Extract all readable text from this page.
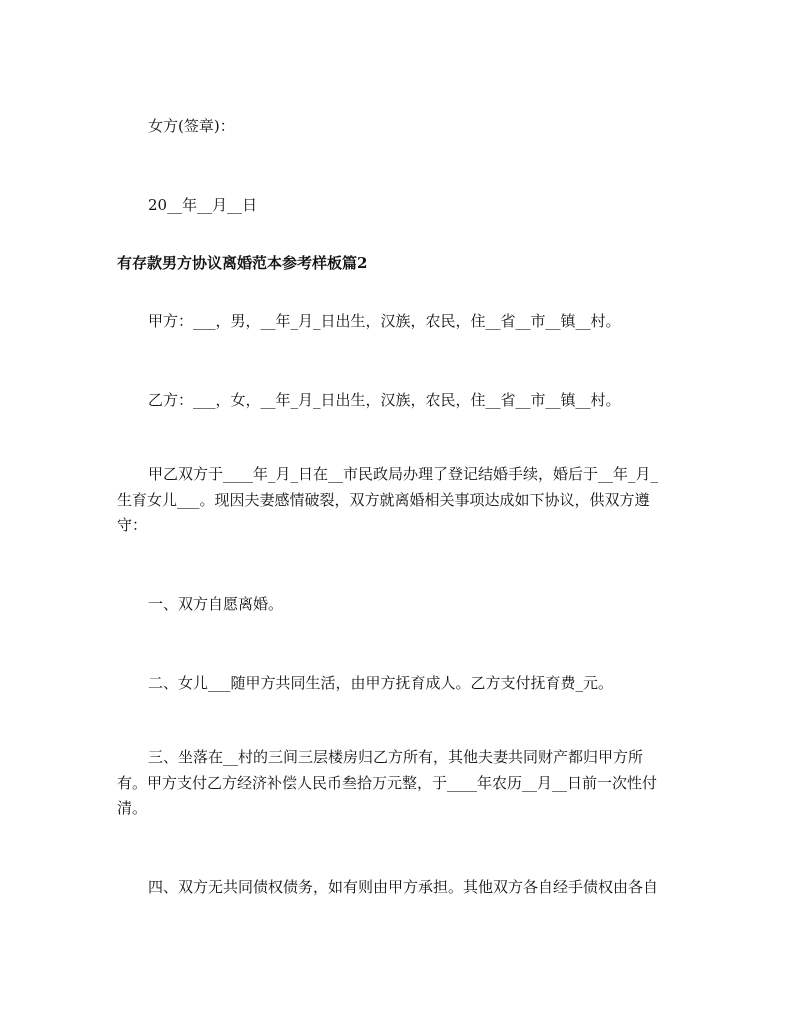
女方(签章)：

20__年__月__日

有存款男方协议离婚范本参考样板篇2

甲方：___，男，__年_月_日出生，汉族，农民，住__省__市__镇__村。

乙方：___，女，__年_月_日出生，汉族，农民，住__省__市__镇__村。

甲乙双方于____年_月_日在__市民政局办理了登记结婚手续，婚后于__年_月_

生育女儿___。现因夫妻感情破裂，双方就离婚相关事项达成如下协议，供双方遵

守：

一、双方自愿离婚。

二、女儿___随甲方共同生活，由甲方抚育成人。乙方支付抚育费_元。

三、坐落在__村的三间三层楼房归乙方所有，其他夫妻共同财产都归甲方所

有。甲方支付乙方经济补偿人民币叁拾万元整，于____年农历__月__日前一次性付

清。

四、双方无共同债权债务，如有则由甲方承担。其他双方各自经手债权由各自
